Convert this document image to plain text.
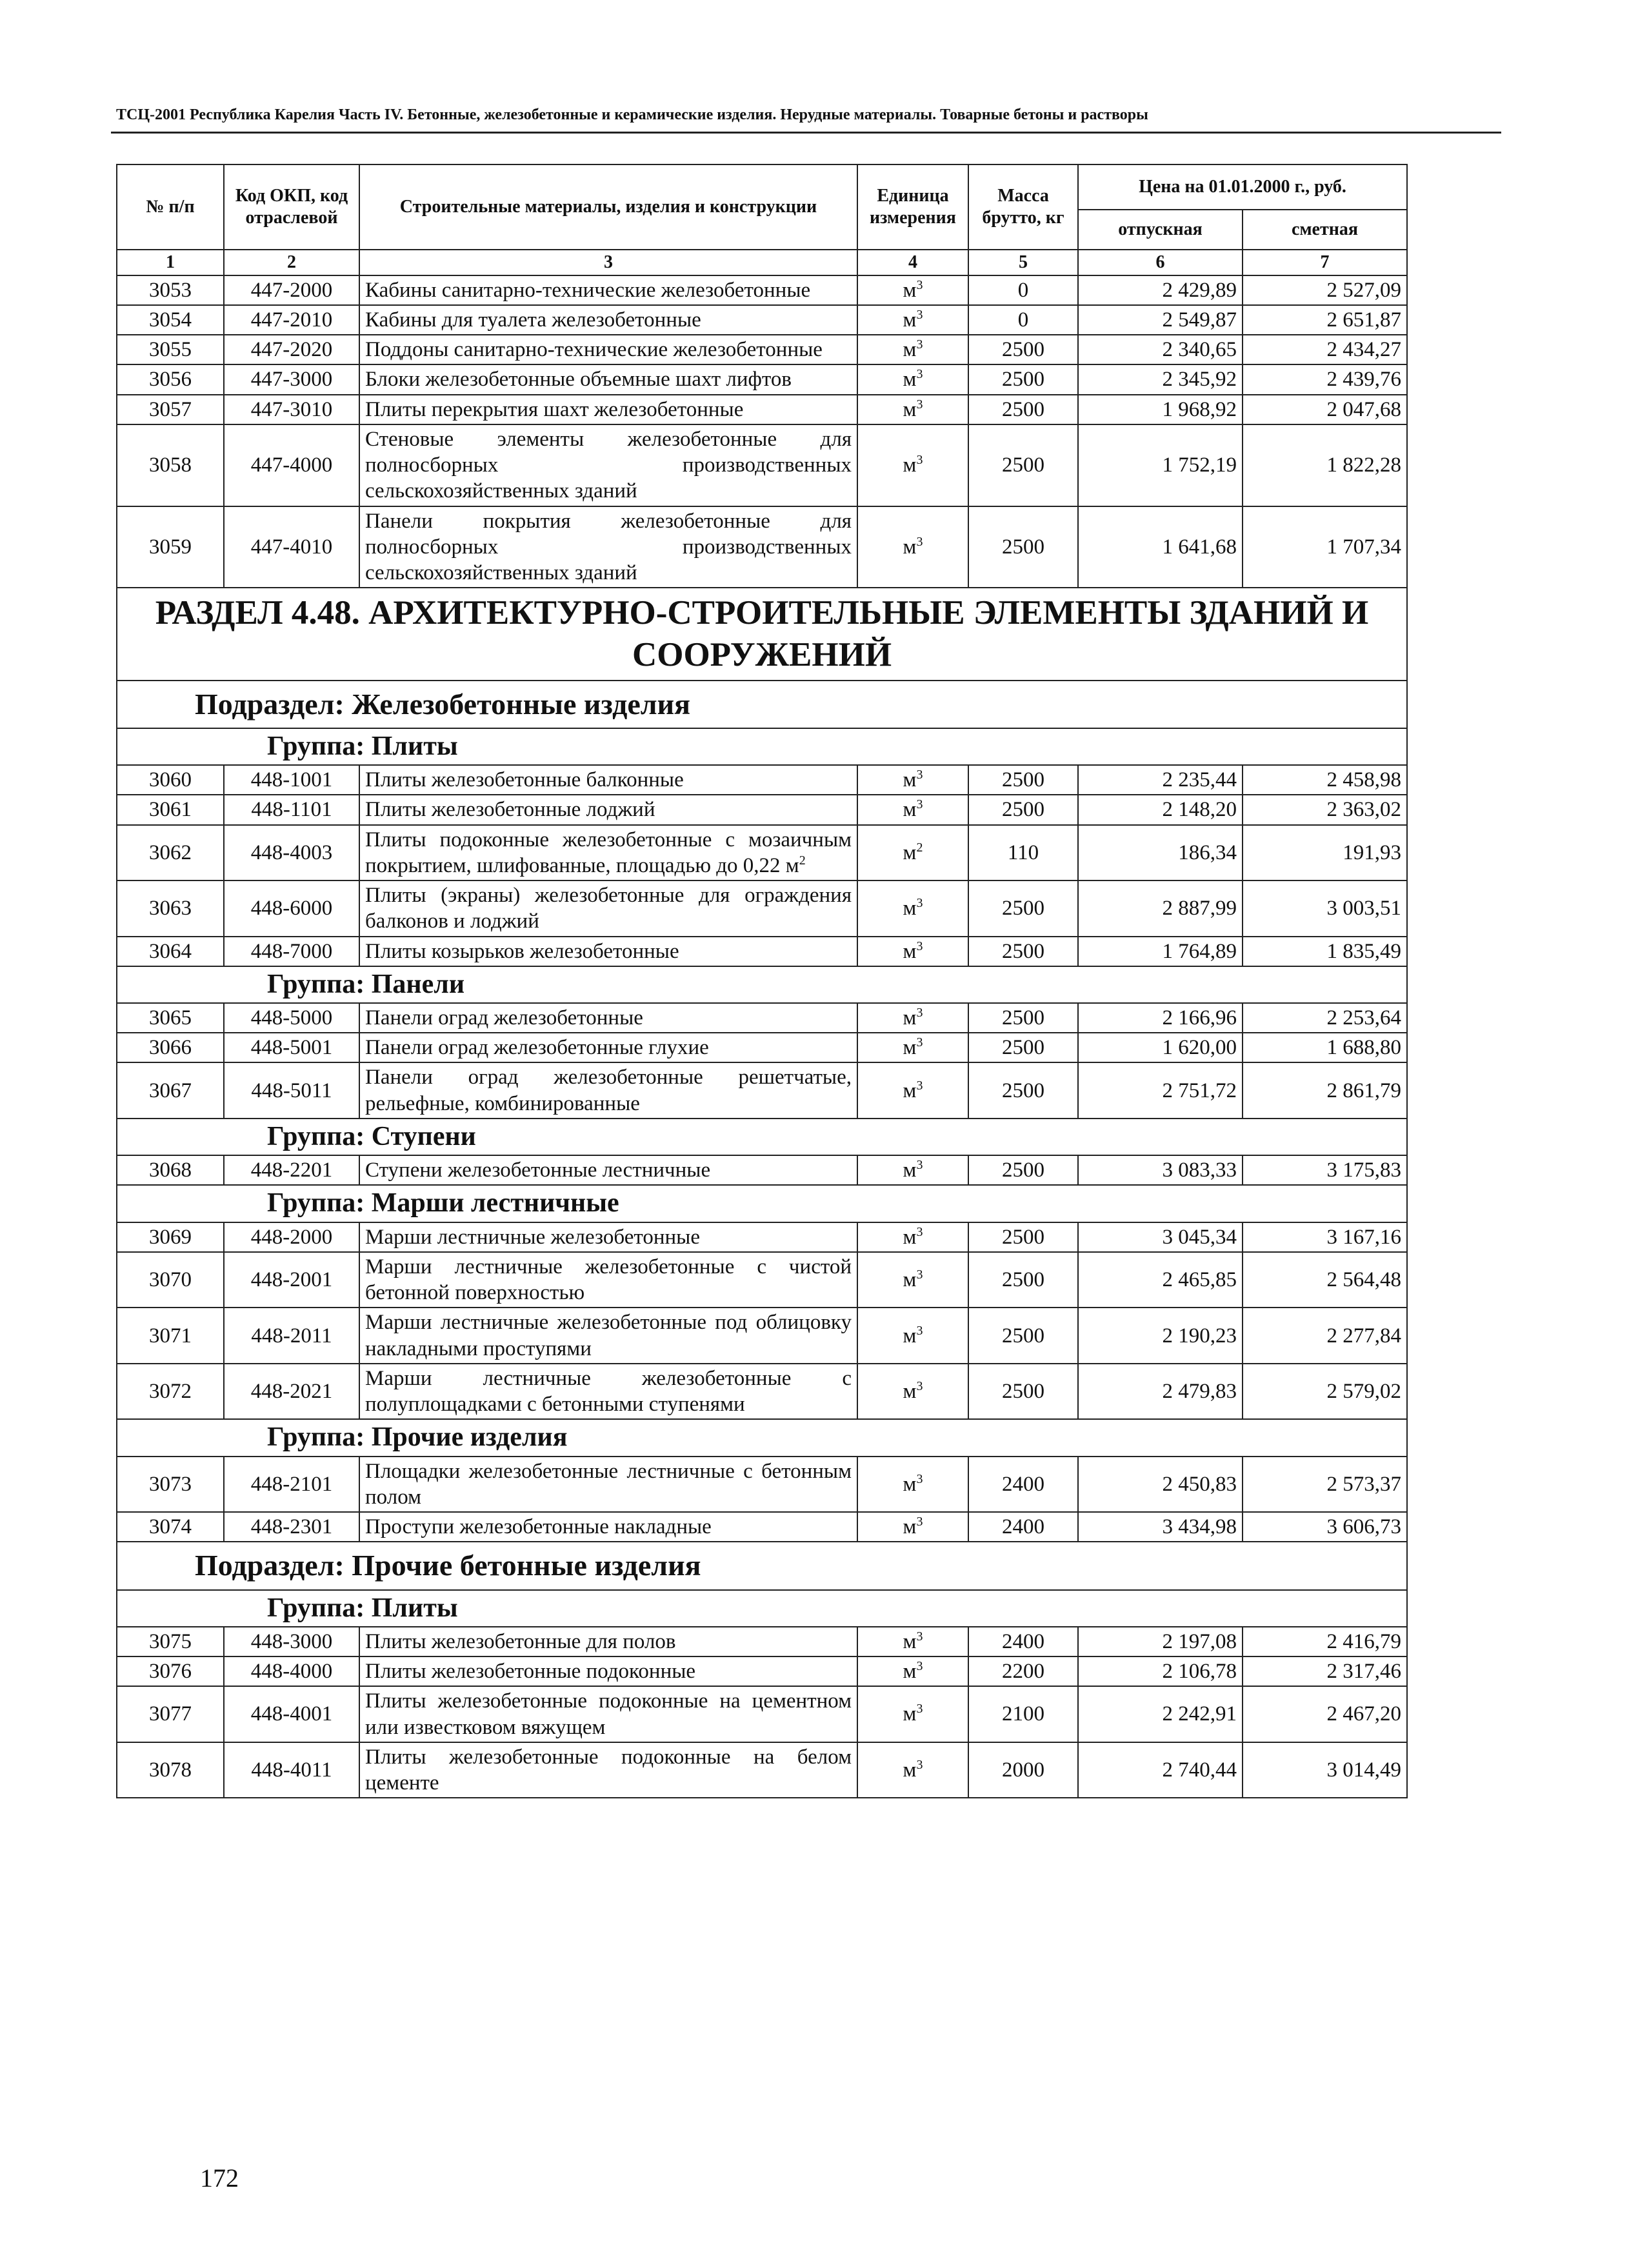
ТСЦ-2001 Республика Карелия Часть IV. Бетонные, железобетонные и керамические изделия. Нерудные материалы. Товарные бетоны и растворы
№ п/п	Код ОКП, код отраслевой	Строительные материалы, изделия и конструкции	Единица измерения	Масса брутто, кг	Цена на 01.01.2000 г., руб.	
					отпускная	сметная
1	2	3	4	5	6	7
3053	447-2000	Кабины санитарно-технические железобетонные	$м^3$	0	2 429,89	2 527,09
3054	447-2010	Кабины для туалета железобетонные	$м^3$	0	2 549,87	2 651,87
3055	447-2020	Поддоны санитарно-технические железобетонные	$м^3$	2500	2 340,65	2 434,27
3056	447-3000	Блоки железобетонные объемные шахт лифтов	$м^3$	2500	2 345,92	2 439,76
3057	447-3010	Плиты перекрытия шахт железобетонные	$м^3$	2500	1 968,92	2 047,68
3058	447-4000	Стеновые элементы железобетонные для полносборных производственных сельскохозяйственных зданий	$м^3$	2500	1 752,19	1 822,28
3059	447-4010	Панели покрытия железобетонные для полносборных производственных сельскохозяйственных зданий	$м^3$	2500	1 641,68	1 707,34
РАЗДЕЛ 4.48. АРХИТЕКТУРНО-СТРОИТЕЛЬНЫЕ ЭЛЕМЕНТЫ ЗДАНИЙ И СООРУЖЕНИЙ						
Подраздел: Железобетонные изделия						
Группа: Плиты						
3060	448-1001	Плиты железобетонные балконные	$м^3$	2500	2 235,44	2 458,98
3061	448-1101	Плиты железобетонные лоджий	$м^3$	2500	2 148,20	2 363,02
3062	448-4003	Плиты подоконные железобетонные с мозаичным покрытием, шлифованные, площадью до 0,22 $м^2$	$м^2$	110	186,34	191,93
3063	448-6000	Плиты (экраны) железобетонные для ограждения балконов и лоджий	$м^3$	2500	2 887,99	3 003,51
3064	448-7000	Плиты козырьков железобетонные	$м^3$	2500	1 764,89	1 835,49
Группа: Панели						
3065	448-5000	Панели оград железобетонные	$м^3$	2500	2 166,96	2 253,64
3066	448-5001	Панели оград железобетонные глухие	$м^3$	2500	1 620,00	1 688,80
3067	448-5011	Панели оград железобетонные решетчатые, рельефные, комбинированные	$м^3$	2500	2 751,72	2 861,79
Группа: Ступени						
3068	448-2201	Ступени железобетонные лестничные	$м^3$	2500	3 083,33	3 175,83
Группа: Марши лестничные						
3069	448-2000	Марши лестничные железобетонные	$м^3$	2500	3 045,34	3 167,16
3070	448-2001	Марши лестничные железобетонные с чистой бетонной поверхностью	$м^3$	2500	2 465,85	2 564,48
3071	448-2011	Марши лестничные железобетонные под облицовку накладными проступями	$м^3$	2500	2 190,23	2 277,84
3072	448-2021	Марши лестничные железобетонные с полуплощадками с бетонными ступенями	$м^3$	2500	2 479,83	2 579,02
Группа: Прочие изделия						
3073	448-2101	Площадки железобетонные лестничные с бетонным полом	$м^3$	2400	2 450,83	2 573,37
3074	448-2301	Проступи железобетонные накладные	$м^3$	2400	3 434,98	3 606,73
Подраздел: Прочие бетонные изделия						
Группа: Плиты						
3075	448-3000	Плиты железобетонные для полов	$м^3$	2400	2 197,08	2 416,79
3076	448-4000	Плиты железобетонные подоконные	$м^3$	2200	2 106,78	2 317,46
3077	448-4001	Плиты железобетонные подоконные на цементном или известковом вяжущем	$м^3$	2100	2 242,91	2 467,20
3078	448-4011	Плиты железобетонные подоконные на белом цементе	$м^3$	2000	2 740,44	3 014,49
172
